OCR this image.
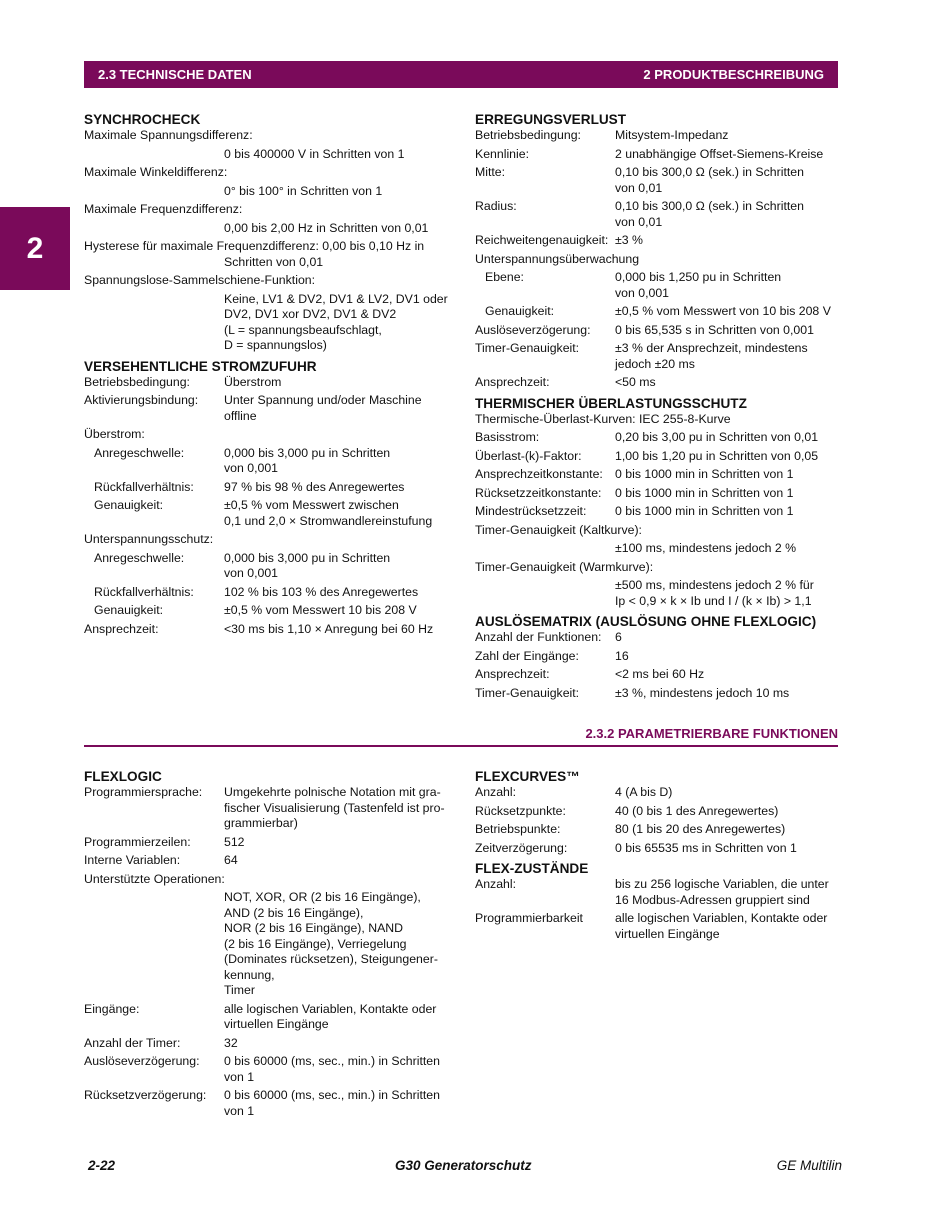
2.3 TECHNISCHE DATEN	2 PRODUKTBESCHREIBUNG
2
SYNCHROCHECK
Maximale Spannungsdifferenz:
0 bis 400000 V in Schritten von 1
Maximale Winkeldifferenz:
0° bis 100° in Schritten von 1
Maximale Frequenzdifferenz:
0,00 bis 2,00 Hz in Schritten von 0,01
Hysterese für maximale Frequenzdifferenz: 0,00 bis 0,10 Hz in
Schritten von 0,01
Spannungslose-Sammelschiene-Funktion:
Keine, LV1 & DV2, DV1 & LV2, DV1 oder
DV2, DV1 xor DV2, DV1 & DV2
(L = spannungsbeaufschlagt,
D = spannungslos)
VERSEHENTLICHE STROMZUFUHR
Betriebsbedingung:	Überstrom
Aktivierungsbindung:	Unter Spannung und/oder Maschine
offline
Überstrom:
Anregeschwelle:	0,000 bis 3,000 pu in Schritten
von 0,001
Rückfallverhältnis:	97 % bis 98 % des Anregewertes
Genauigkeit:	±0,5 % vom Messwert zwischen
0,1 und 2,0 × Stromwandlereinstufung
Unterspannungsschutz:
Anregeschwelle:	0,000 bis 3,000 pu in Schritten
von 0,001
Rückfallverhältnis:	102 % bis 103 % des Anregewertes
Genauigkeit:	±0,5 % vom Messwert 10 bis 208 V
Ansprechzeit:	<30 ms bis 1,10 × Anregung bei 60 Hz
ERREGUNGSVERLUST
Betriebsbedingung:	Mitsystem-Impedanz
Kennlinie:	2 unabhängige Offset-Siemens-Kreise
Mitte:	0,10 bis 300,0 Ω (sek.) in Schritten
von 0,01
Radius:	0,10 bis 300,0 Ω (sek.) in Schritten
von 0,01
Reichweitengenauigkeit: ±3 %
Unterspannungsüberwachung
Ebene:	0,000 bis 1,250 pu in Schritten
von 0,001
Genauigkeit:	±0,5 % vom Messwert von 10 bis 208 V
Auslöseverzögerung:	0 bis 65,535 s in Schritten von 0,001
Timer-Genauigkeit:	±3 % der Ansprechzeit, mindestens
jedoch ±20 ms
Ansprechzeit:	<50 ms
THERMISCHER ÜBERLASTUNGSSCHUTZ
Thermische-Überlast-Kurven: IEC 255-8-Kurve
Basisstrom:	0,20 bis 3,00 pu in Schritten von 0,01
Überlast-(k)-Faktor:	1,00 bis 1,20 pu in Schritten von 0,05
Ansprechzeitkonstante: 0 bis 1000 min in Schritten von 1
Rücksetzzeitkonstante:	0 bis 1000 min in Schritten von 1
Mindestrücksetzzeit:	0 bis 1000 min in Schritten von 1
Timer-Genauigkeit (Kaltkurve):
±100 ms, mindestens jedoch 2 %
Timer-Genauigkeit (Warmkurve):
±500 ms, mindestens jedoch 2 % für
Ip < 0,9 × k × Ib und I / (k × Ib) > 1,1
AUSLÖSEMATRIX (AUSLÖSUNG OHNE FLEXLOGIC)
Anzahl der Funktionen:	6
Zahl der Eingänge:	16
Ansprechzeit:	<2 ms bei 60 Hz
Timer-Genauigkeit:	±3 %, mindestens jedoch 10 ms
2.3.2 PARAMETRIERBARE FUNKTIONEN
FLEXLOGIC
Programmiersprache:	Umgekehrte polnische Notation mit gra-
fischer Visualisierung (Tastenfeld ist pro-
grammierbar)
Programmierzeilen:	512
Interne Variablen:	64
Unterstützte Operationen:
NOT, XOR, OR (2 bis 16 Eingänge),
AND (2 bis 16 Eingänge),
NOR (2 bis 16 Eingänge), NAND
(2 bis 16 Eingänge), Verriegelung
(Dominates rücksetzen), Steigungener-
kennung,
Timer
Eingänge:	alle logischen Variablen, Kontakte oder
virtuellen Eingänge
Anzahl der Timer:	32
Auslöseverzögerung:	0 bis 60000 (ms, sec., min.) in Schritten
von 1
Rücksetzverzögerung:	0 bis 60000 (ms, sec., min.) in Schritten
von 1
FLEXCURVES™
Anzahl:	4 (A bis D)
Rücksetzpunkte:	40 (0 bis 1 des Anregewertes)
Betriebspunkte:	80 (1 bis 20 des Anregewertes)
Zeitverzögerung:	0 bis 65535 ms in Schritten von 1
FLEX-ZUSTÄNDE
Anzahl:	bis zu 256 logische Variablen, die unter
16 Modbus-Adressen gruppiert sind
Programmierbarkeit	alle logischen Variablen, Kontakte oder
virtuellen Eingänge
2-22	G30 Generatorschutz	GE Multilin
